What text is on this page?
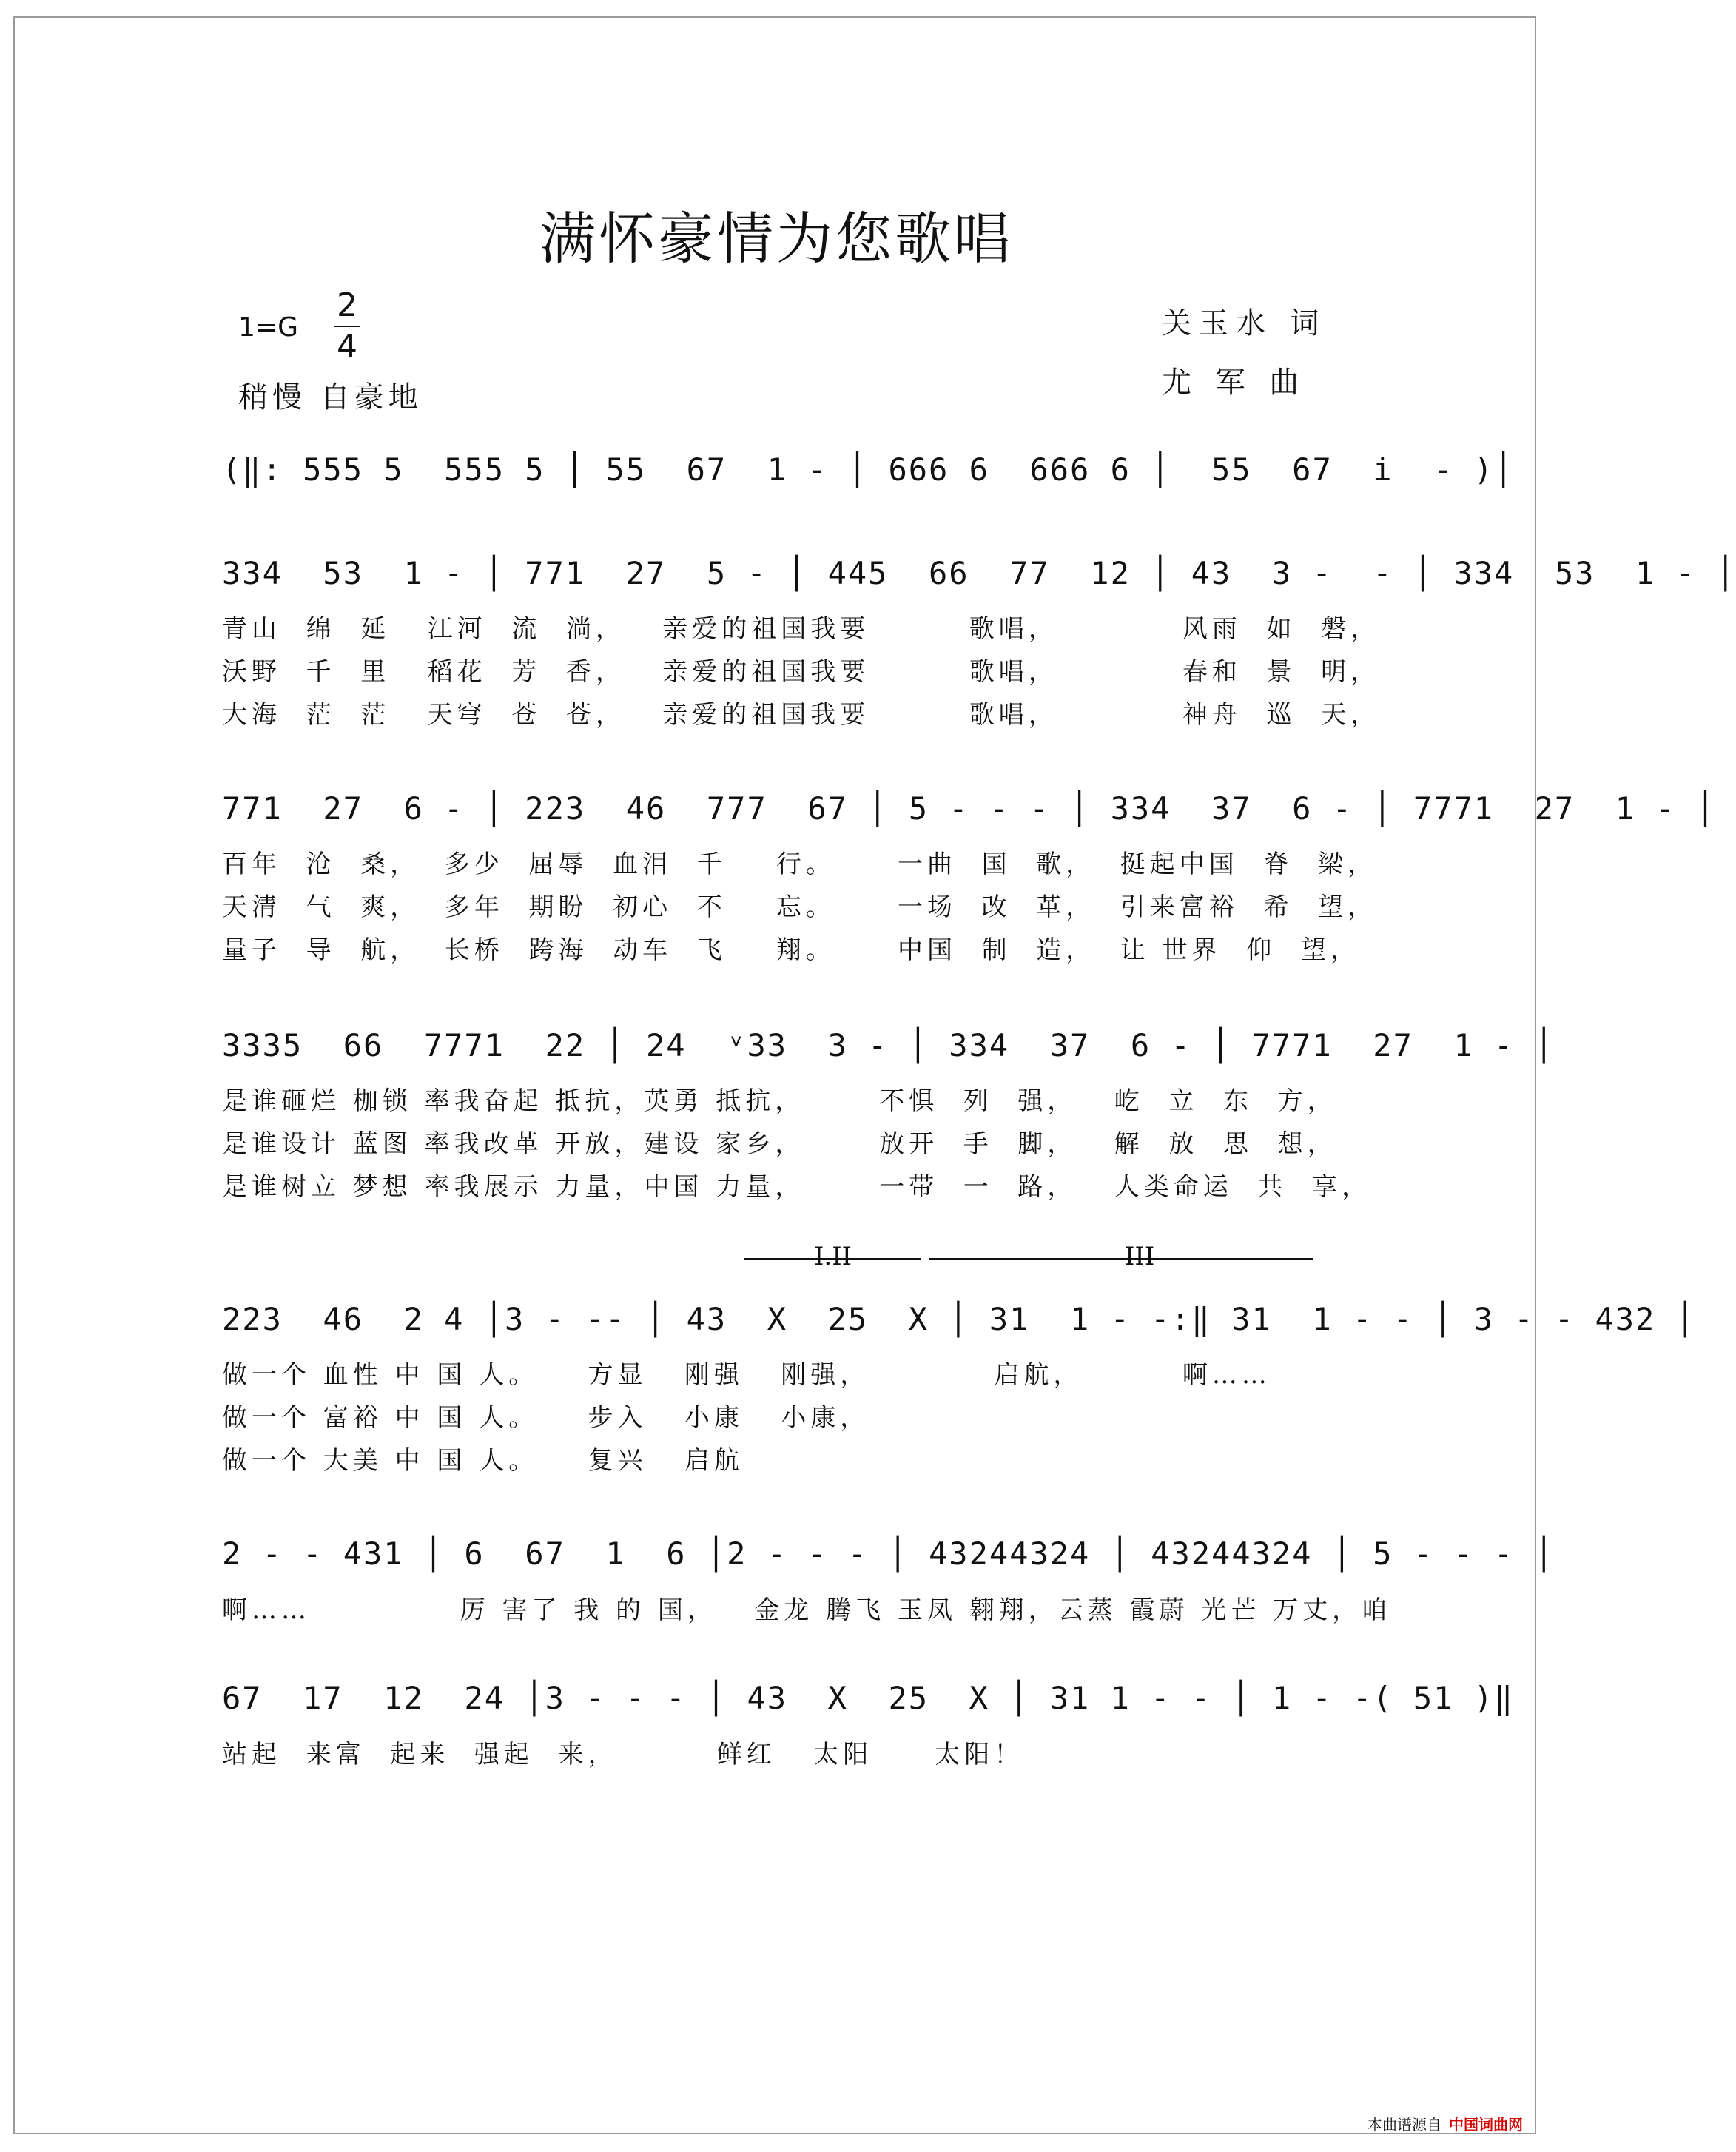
满怀豪情为您歌唱
1=G
2
4
稍慢 自豪地
关玉水 词
尤 军 曲
(‖: 555 5  555 5 │ 55  67  1 - │ 666 6  666 6 │  55  67  i  - )│
334  53  1 - │ 771  27  5 - │ 445  66  77  12 │ 43  3 -  - │ 334  53  1 - │
青山  绵  延   江河  流  淌，   亲爱的祖国我要        歌唱，          风雨  如  磐，
沃野  千  里   稻花  芳  香，   亲爱的祖国我要        歌唱，          春和  景  明，
大海  茫  茫   天穹  苍  苍，   亲爱的祖国我要        歌唱，          神舟  巡  天，
771  27  6 - │ 223  46  777  67 │ 5 - - - │ 334  37  6 - │ 7771  27  1 - │
百年  沧  桑，  多少  屈辱  血泪  千    行。     一曲  国  歌，  挺起中国  脊  梁，
天清  气  爽，  多年  期盼  初心  不    忘。     一场  改  革，  引来富裕  希  望，
量子  导  航，  长桥  跨海  动车  飞    翔。     中国  制  造，  让 世界  仰  望，
3335  66  7771  22 │ 24  ᵛ33  3 - │ 334  37  6 - │ 7771  27  1 - │
是谁砸烂 枷锁 率我奋起 抵抗，英勇 抵抗，      不惧  列  强，   屹  立  东  方，
是谁设计 蓝图 率我改革 开放，建设 家乡，      放开  手  脚，   解  放  思  想，
是谁树立 梦想 率我展示 力量，中国 力量，      一带  一  路，   人类命运  共  享，
I.II	III
223  46  2 4 │3 - -- │ 43  X  25  X │ 31  1 - -:‖ 31  1 - - │ 3 - - 432 │
做一个 血性 中 国 人。    方显   刚强   刚强，          启航，        啊……
做一个 富裕 中 国 人。    步入   小康   小康，
做一个 大美 中 国 人。    复兴   启航
2 - - 431 │ 6  67  1  6 │2 - - - │ 43244324 │ 43244324 │ 5 - - - │
啊……            厉 害了 我 的 国，   金龙 腾飞 玉凤 翱翔，云蒸 霞蔚 光芒 万丈，咱
67  17  12  24 │3 - - - │ 43  X  25  X │ 31 1 - - │ 1 - -( 51 )‖
站起  来富  起来  强起  来，        鲜红   太阳     太阳！
本曲谱源自 中国词曲网
